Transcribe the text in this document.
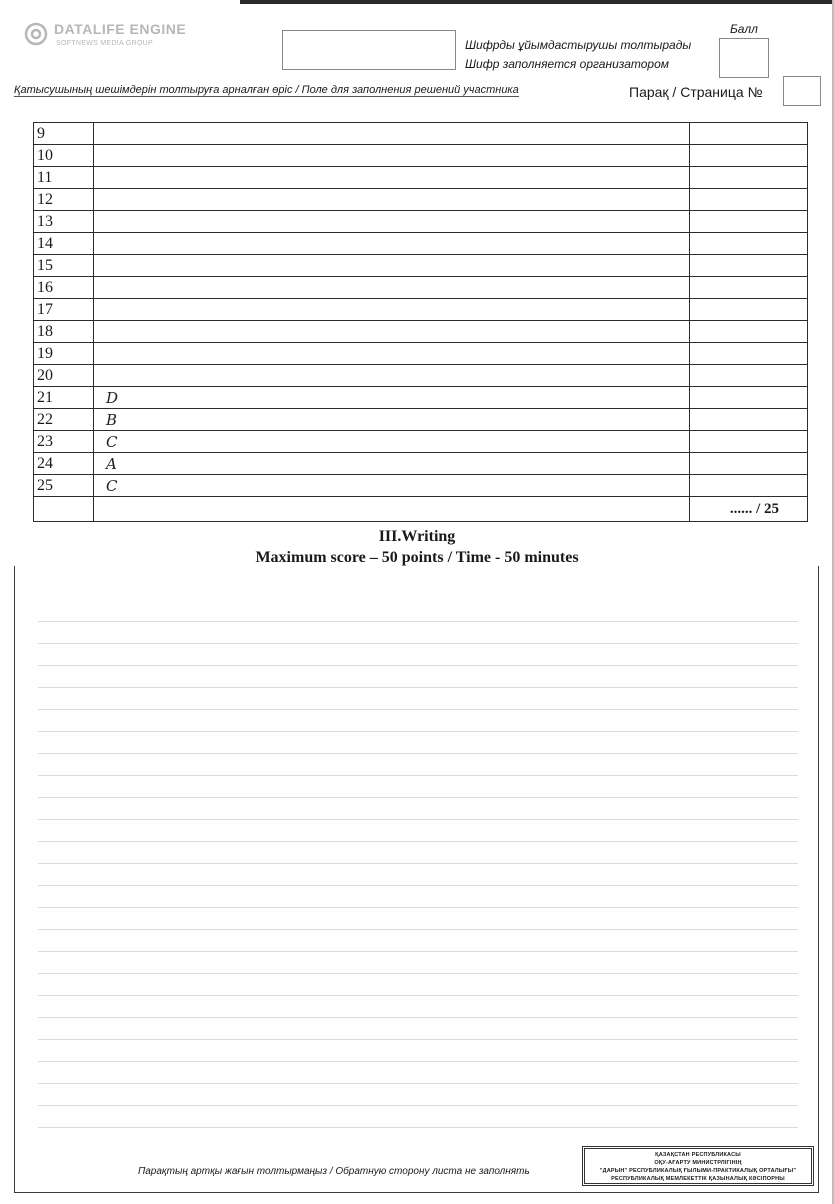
DATALIFE ENGINE
SOFTNEWS MEDIA GROUP	Шифрды ұйымдастырушы толтырады
Шифр заполняется организатором
Балл
Қатысушының шешімдерін толтыруға арналған өріс / Поле для заполнения решений участника	Парақ / Страница №
9		
10		
11		
12		
13		
14		
15		
16		
17		
18		
19		
20		
21	D	
22	B	
23	C	
24	A	
25	C	
		...... / 25
III.Writing
Maximum score – 50 points / Time - 50 minutes
Парақтың артқы жағын толтырмаңыз / Обратную сторону листа не заполнять
ҚАЗАҚСТАН РЕСПУБЛИКАСЫ
ОҚУ-АҒАРТУ МИНИСТРЛІГІНІҢ
"ДАРЫН" РЕСПУБЛИКАЛЫҚ ҒЫЛЫМИ-ПРАКТИКАЛЫҚ ОРТАЛЫҒЫ"
РЕСПУБЛИКАЛЫҚ МЕМЛЕКЕТТІК ҚАЗЫНАЛЫҚ КӘСІПОРНЫ
